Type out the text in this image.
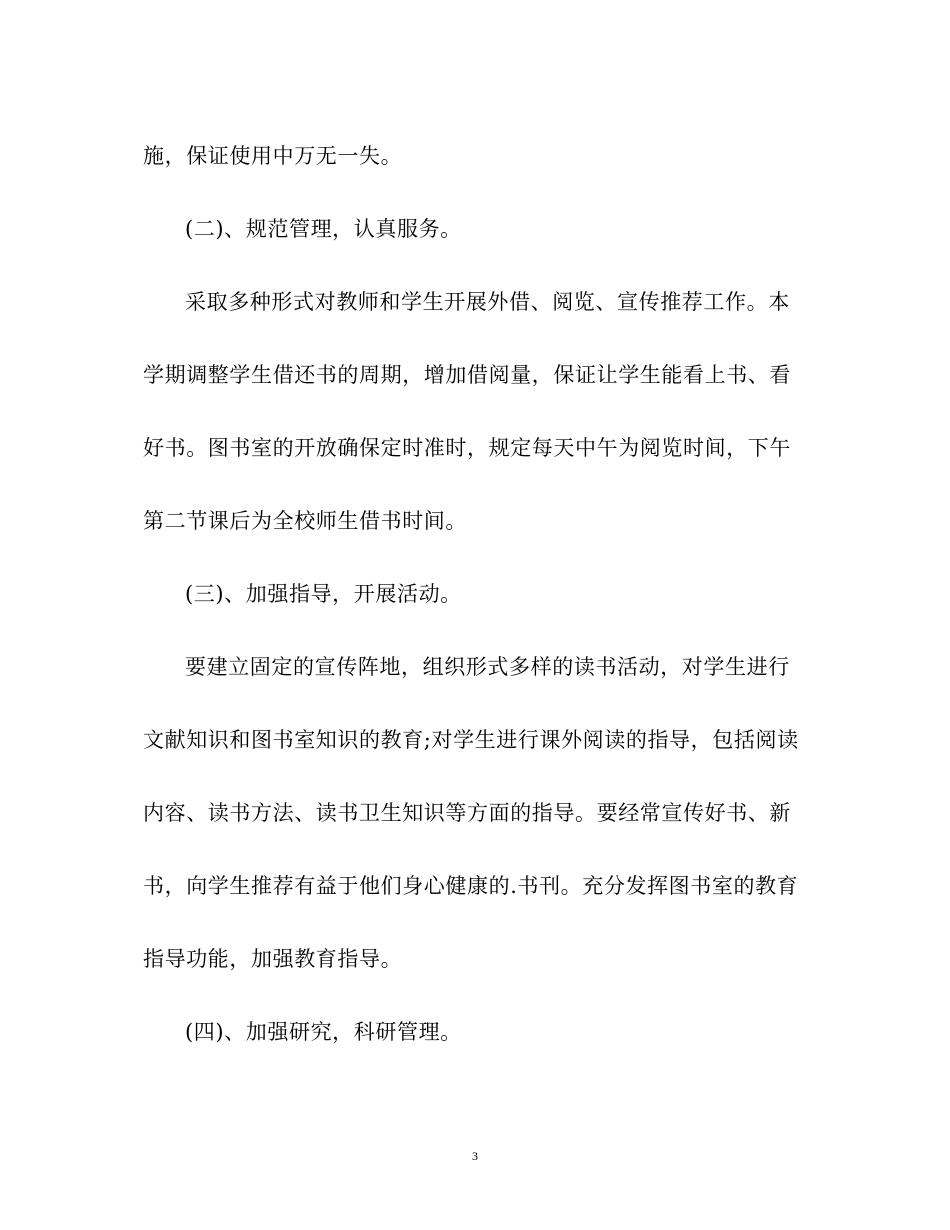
施，保证使用中万无一失。
(二)、规范管理，认真服务。
采取多种形式对教师和学生开展外借、阅览、宣传推荐工作。本
学期调整学生借还书的周期，增加借阅量，保证让学生能看上书、看
好书。图书室的开放确保定时准时，规定每天中午为阅览时间，下午
第二节课后为全校师生借书时间。
(三)、加强指导，开展活动。
要建立固定的宣传阵地，组织形式多样的读书活动，对学生进行
文献知识和图书室知识的教育;对学生进行课外阅读的指导，包括阅读
内容、读书方法、读书卫生知识等方面的指导。要经常宣传好书、新
书，向学生推荐有益于他们身心健康的.书刊。充分发挥图书室的教育
指导功能，加强教育指导。
(四)、加强研究，科研管理。
3
